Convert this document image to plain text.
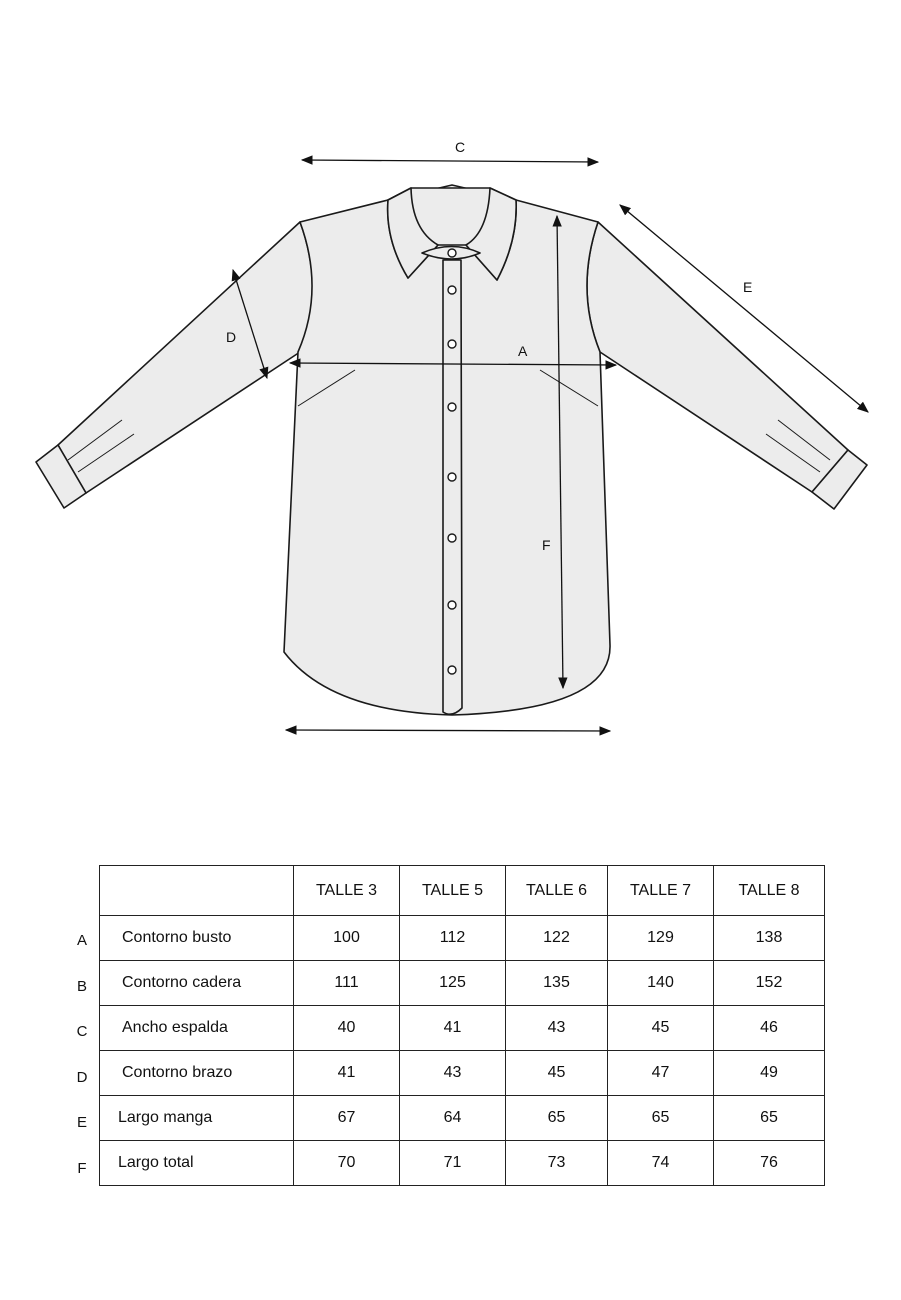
C
A
D
E
F
A
B
C
D
E
F
	TALLE 3	TALLE 5	TALLE 6	TALLE 7	TALLE 8
Contorno busto	100	112	122	129	138
Contorno cadera	111	125	135	140	152
Ancho espalda	40	41	43	45	46
Contorno brazo	41	43	45	47	49
Largo manga	67	64	65	65	65
Largo total	70	71	73	74	76
